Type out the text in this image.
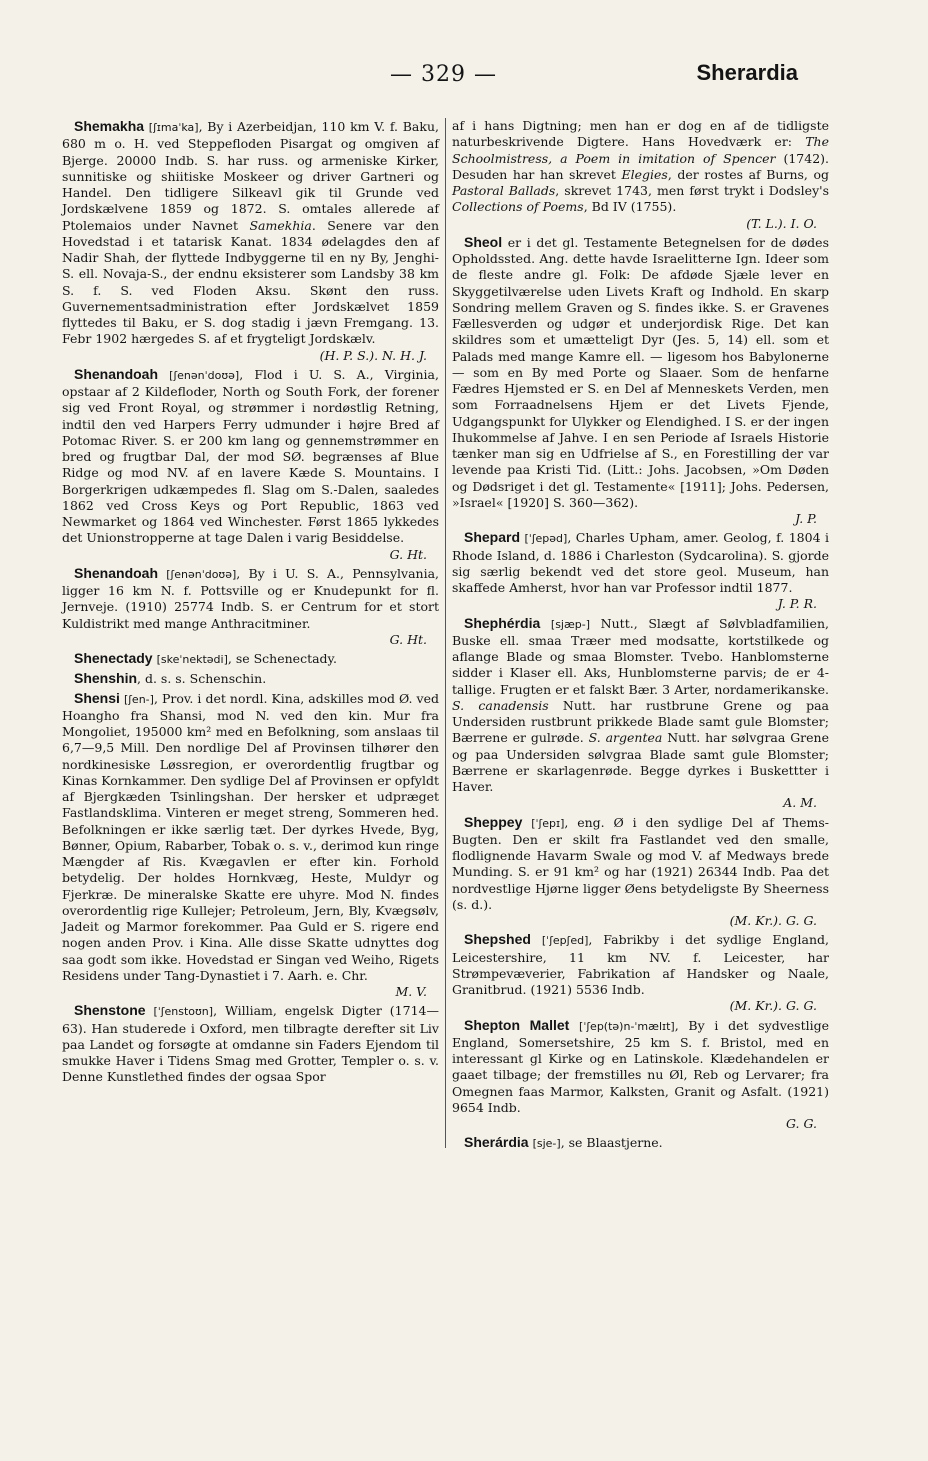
— 329 —	Sherardia

Shemakha [ʃɪmaˈka], By i Azerbeidjan, 110 km V. f. Baku, 680 m o. H. ved Steppefloden Pisargat og omgiven af Bjerge. 20000 Indb. S. har russ. og armeniske Kirker, sunnitiske og shiitiske Moskeer og driver Gartneri og Handel. Den tidligere Silkeavl gik til Grunde ved Jordskælvene 1859 og 1872. S. omtales allerede af Ptolemaios under Navnet Samekhia. Senere var den Hovedstad i et tatarisk Kanat. 1834 ødelagdes den af Nadir Shah, der flyttede Indbyggerne til en ny By, Jenghi-S. ell. Novaja-S., der endnu eksisterer som Landsby 38 km S. f. S. ved Floden Aksu. Skønt den russ. Guvernementsadministration efter Jordskælvet 1859 flyttedes til Baku, er S. dog stadig i jævn Fremgang. 13. Febr 1902 hærgedes S. af et frygteligt Jordskælv.
(H. P. S.). N. H. J.

Shenandoah [ʃenənˈdoʊə], Flod i U. S. A., Virginia, opstaar af 2 Kildefloder, North og South Fork, der forener sig ved Front Royal, og strømmer i nordøstlig Retning, indtil den ved Harpers Ferry udmunder i højre Bred af Potomac River. S. er 200 km lang og gennemstrømmer en bred og frugtbar Dal, der mod SØ. begrænses af Blue Ridge og mod NV. af en lavere Kæde S. Mountains. I Borgerkrigen udkæmpedes fl. Slag om S.-Dalen, saaledes 1862 ved Cross Keys og Port Republic, 1863 ved Newmarket og 1864 ved Winchester. Først 1865 lykkedes det Unionstropperne at tage Dalen i varig Besiddelse.
G. Ht.

Shenandoah [ʃenənˈdoʊə], By i U. S. A., Pennsylvania, ligger 16 km N. f. Pottsville og er Knudepunkt for fl. Jernveje. (1910) 25774 Indb. S. er Centrum for et stort Kuldistrikt med mange Anthracitminer.
G. Ht.

Shenectady [skeˈnektədi], se Schenectady.

Shenshin, d. s. s. Schenschin.

Shensi [ʃen-], Prov. i det nordl. Kina, adskilles mod Ø. ved Hoangho fra Shansi, mod N. ved den kin. Mur fra Mongoliet, 195000 km² med en Befolkning, som anslaas til 6,7—9,5 Mill. Den nordlige Del af Provinsen tilhører den nordkinesiske Løssregion, er overordentlig frugtbar og Kinas Kornkammer. Den sydlige Del af Provinsen er opfyldt af Bjergkæden Tsinlingshan. Der hersker et udpræget Fastlandsklima. Vinteren er meget streng, Sommeren hed. Befolkningen er ikke særlig tæt. Der dyrkes Hvede, Byg, Bønner, Opium, Rabarber, Tobak o. s. v., derimod kun ringe Mængder af Ris. Kvægavlen er efter kin. Forhold betydelig. Der holdes Hornkvæg, Heste, Muldyr og Fjerkræ. De mineralske Skatte ere uhyre. Mod N. findes overordentlig rige Kullejer; Petroleum, Jern, Bly, Kvægsølv, Jadeit og Marmor forekommer. Paa Guld er S. rigere end nogen anden Prov. i Kina. Alle disse Skatte udnyttes dog saa godt som ikke. Hovedstad er Singan ved Weiho, Rigets Residens under Tang-Dynastiet i 7. Aarh. e. Chr.
M. V.

Shenstone [ˈʃenstoʊn], William, engelsk Digter (1714—63). Han studerede i Oxford, men tilbragte derefter sit Liv paa Landet og forsøgte at omdanne sin Faders Ejendom til smukke Haver i Tidens Smag med Grotter, Templer o. s. v. Denne Kunstlethed findes der ogsaa Spor

af i hans Digtning; men han er dog en af de tidligste naturbeskrivende Digtere. Hans Hovedværk er: The Schoolmistress, a Poem in imitation of Spencer (1742). Desuden har han skrevet Elegies, der rostes af Burns, og Pastoral Ballads, skrevet 1743, men først trykt i Dodsley's Collections of Poems, Bd IV (1755).
(T. L.). I. O.

Sheol er i det gl. Testamente Betegnelsen for de dødes Opholdssted. Ang. dette havde Israelitterne Ign. Ideer som de fleste andre gl. Folk: De afdøde Sjæle lever en Skyggetilværelse uden Livets Kraft og Indhold. En skarp Sondring mellem Graven og S. findes ikke. S. er Gravenes Fællesverden og udgør et underjordisk Rige. Det kan skildres som et umætteligt Dyr (Jes. 5, 14) ell. som et Palads med mange Kamre ell. — ligesom hos Babylonerne — som en By med Porte og Slaaer. Som de henfarne Fædres Hjemsted er S. en Del af Menneskets Verden, men som Forraadnelsens Hjem er det Livets Fjende, Udgangspunkt for Ulykker og Elendighed. I S. er der ingen Ihukommelse af Jahve. I en sen Periode af Israels Historie tænker man sig en Udfrielse af S., en Forestilling der var levende paa Kristi Tid. (Litt.: Johs. Jacobsen, »Om Døden og Dødsriget i det gl. Testamente« [1911]; Johs. Pedersen, »Israel« [1920] S. 360—362).
J. P.

Shepard [ˈʃepəd], Charles Upham, amer. Geolog, f. 1804 i Rhode Island, d. 1886 i Charleston (Sydcarolina). S. gjorde sig særlig bekendt ved det store geol. Museum, han skaffede Amherst, hvor han var Professor indtil 1877.
J. P. R.

Shephérdia [sjæp-] Nutt., Slægt af Sølvbladfamilien, Buske ell. smaa Træer med modsatte, kortstilkede og aflange Blade og smaa Blomster. Tvebo. Hanblomsterne sidder i Klaser ell. Aks, Hunblomsterne parvis; de er 4-tallige. Frugten er et falskt Bær. 3 Arter, nordamerikanske. S. canadensis Nutt. har rustbrune Grene og paa Undersiden rustbrunt prikkede Blade samt gule Blomster; Bærrene er gulrøde. S. argentea Nutt. har sølvgraa Grene og paa Undersiden sølvgraa Blade samt gule Blomster; Bærrene er skarlagenrøde. Begge dyrkes i Buskettter i Haver.
A. M.

Sheppey [ˈʃepɪ], eng. Ø i den sydlige Del af Thems-Bugten. Den er skilt fra Fastlandet ved den smalle, flodlignende Havarm Swale og mod V. af Medways brede Munding. S. er 91 km² og har (1921) 26344 Indb. Paa det nordvestlige Hjørne ligger Øens betydeligste By Sheerness (s. d.).
(M. Kr.). G. G.

Shepshed [ˈʃepʃed], Fabrikby i det sydlige England, Leicestershire, 11 km NV. f. Leicester, har Strømpevæverier, Fabrikation af Handsker og Naale, Granitbrud. (1921) 5536 Indb.
(M. Kr.). G. G.

Shepton Mallet [ˈʃep(tə)n-ˈmælɪt], By i det sydvestlige England, Somersetshire, 25 km S. f. Bristol, med en interessant gl Kirke og en Latinskole. Klædehandelen er gaaet tilbage; der fremstilles nu Øl, Reb og Lervarer; fra Omegnen faas Marmor, Kalksten, Granit og Asfalt. (1921) 9654 Indb.
G. G.

Sherárdia [sje-], se Blaastjerne.
